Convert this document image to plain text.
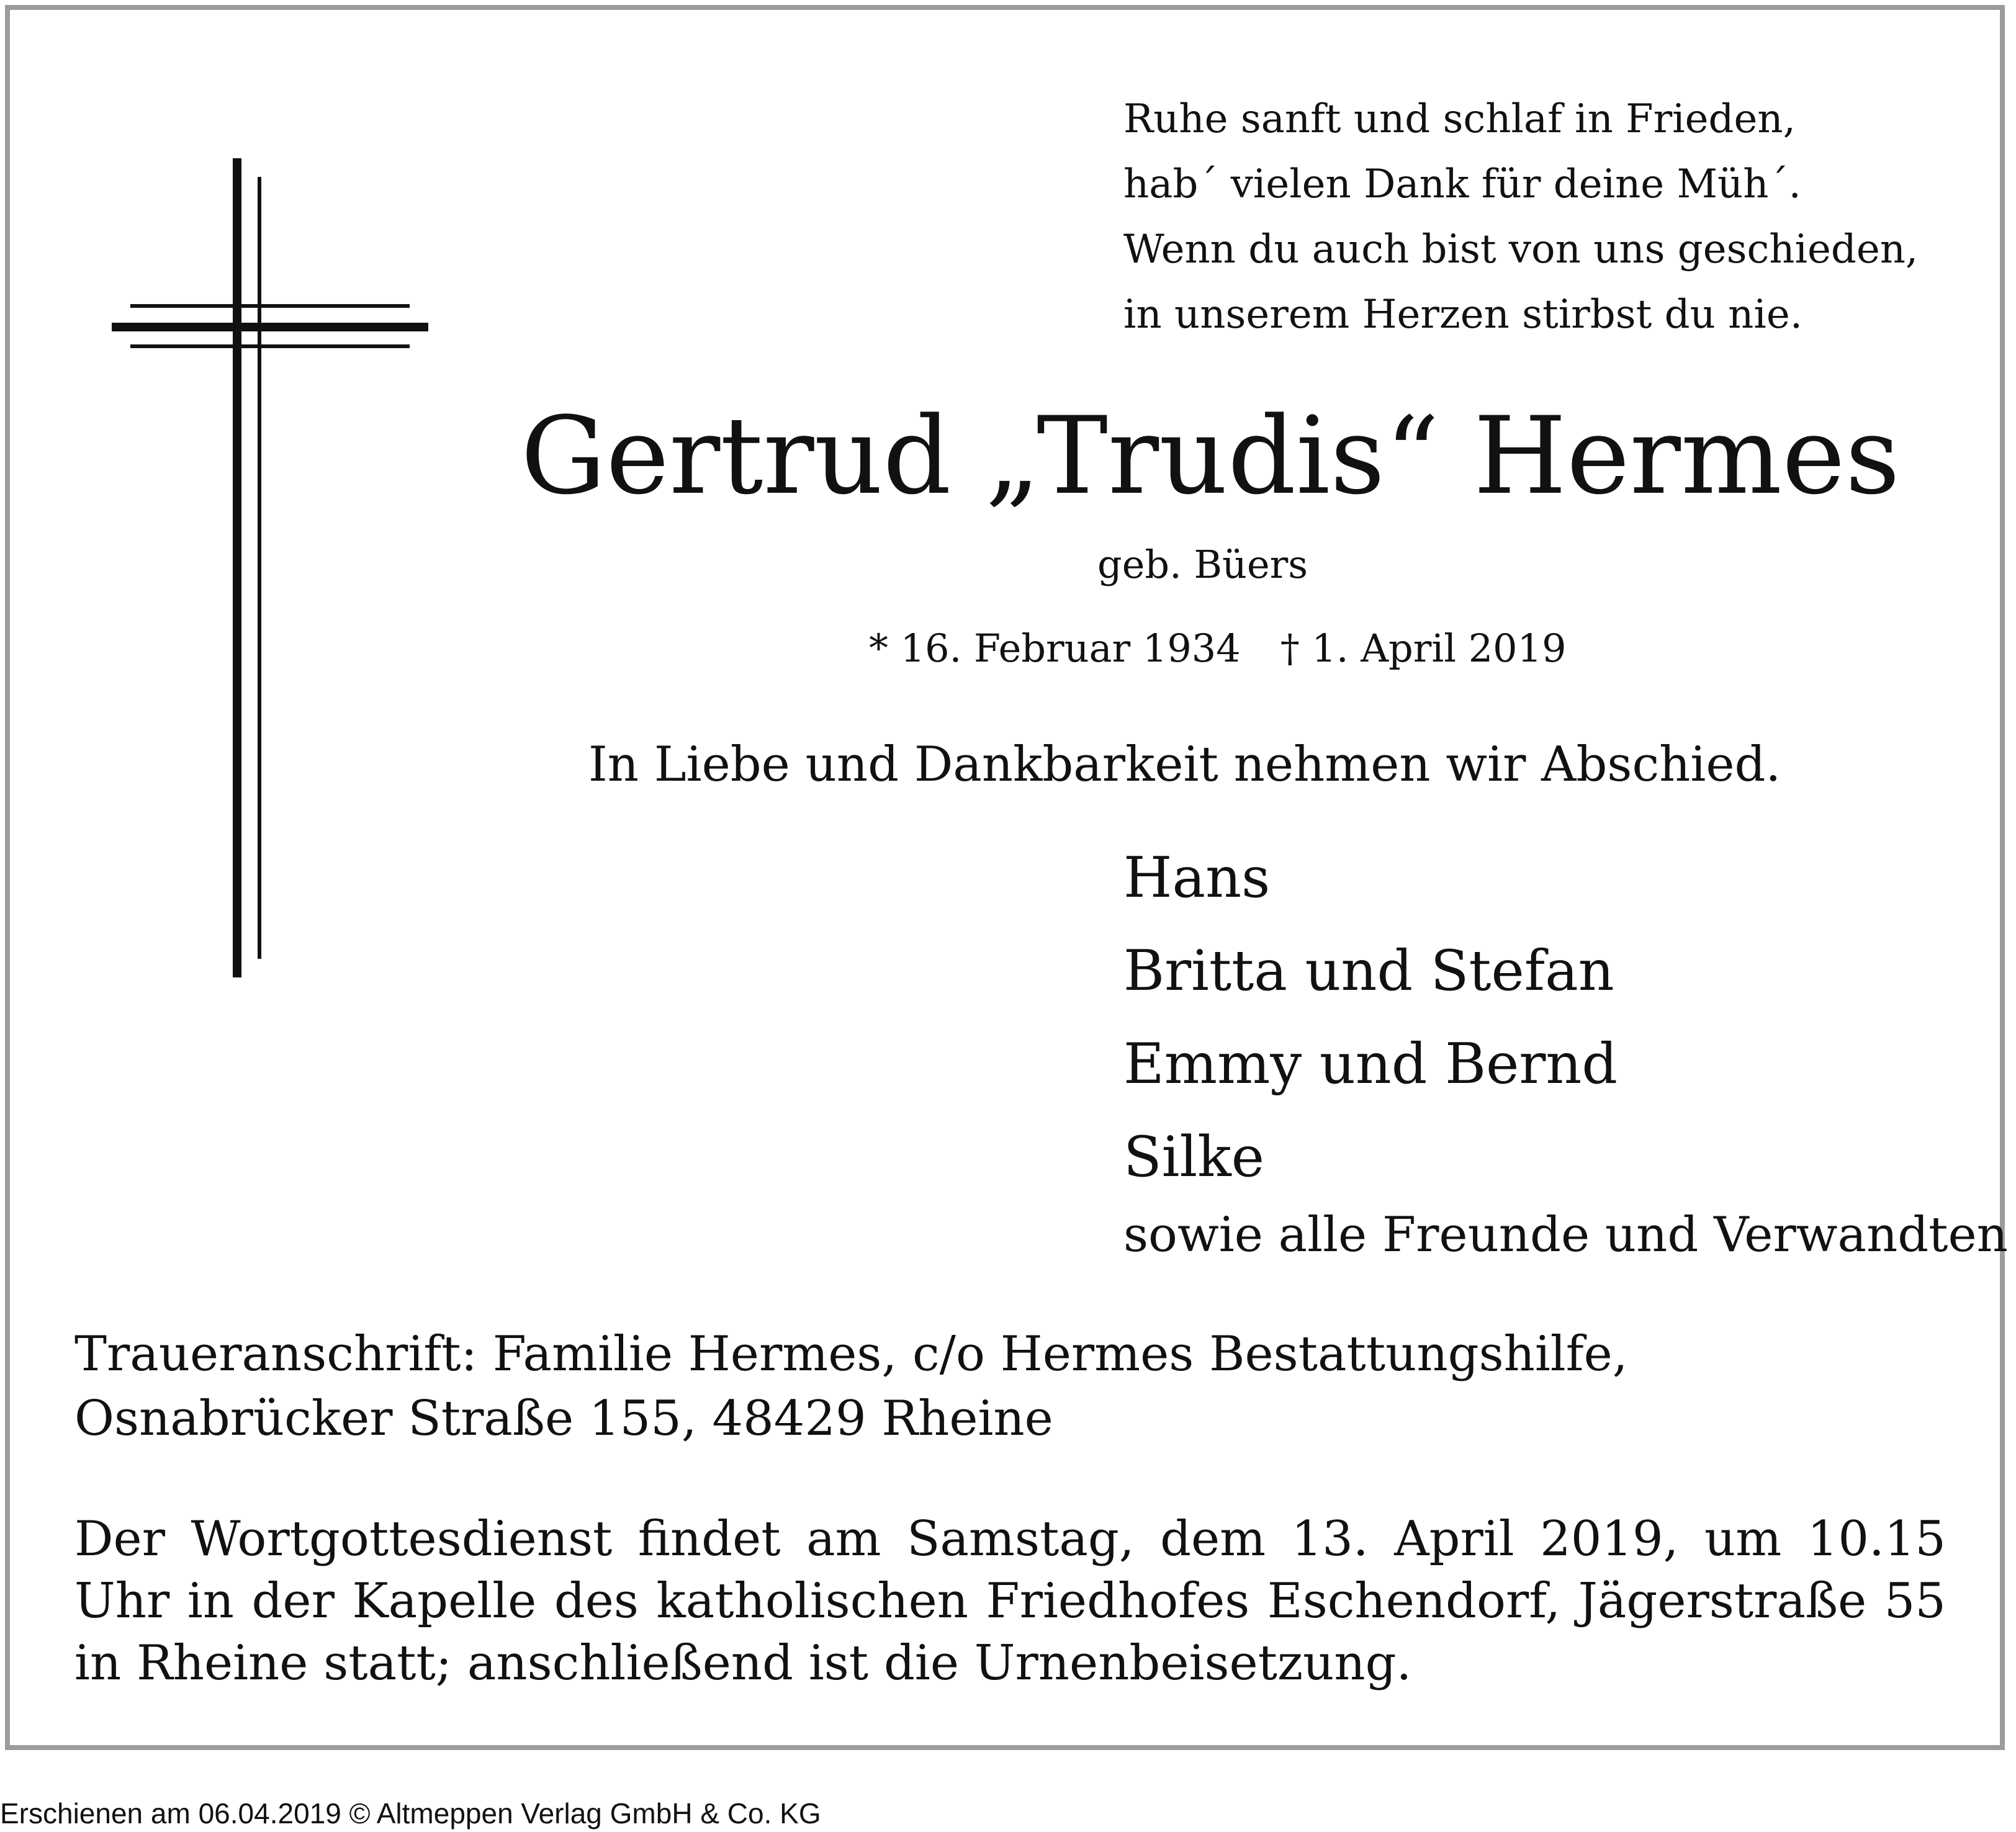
Ruhe sanft und schlaf in Frieden,
hab´ vielen Dank für deine Müh´.
Wenn du auch bist von uns geschieden,
in unserem Herzen stirbst du nie.
Gertrud „Trudis“ Hermes
geb. Büers
* 16. Februar 1934 † 1. April 2019
In Liebe und Dankbarkeit nehmen wir Abschied.
Hans
Britta und Stefan
Emmy und Bernd
Silke
sowie alle Freunde und Verwandten
Traueranschrift: Familie Hermes, c/o Hermes Bestattungshilfe,
Osnabrücker Straße 155, 48429 Rheine
Der Wortgottesdienst findet am Samstag, dem 13. April 2019, um 10.15 Uhr in der Kapelle des katholischen Friedhofes Eschendorf, Jägerstraße 55 in Rheine statt; anschließend ist die Urnenbeisetzung.
Erschienen am 06.04.2019 © Altmeppen Verlag GmbH & Co. KG
